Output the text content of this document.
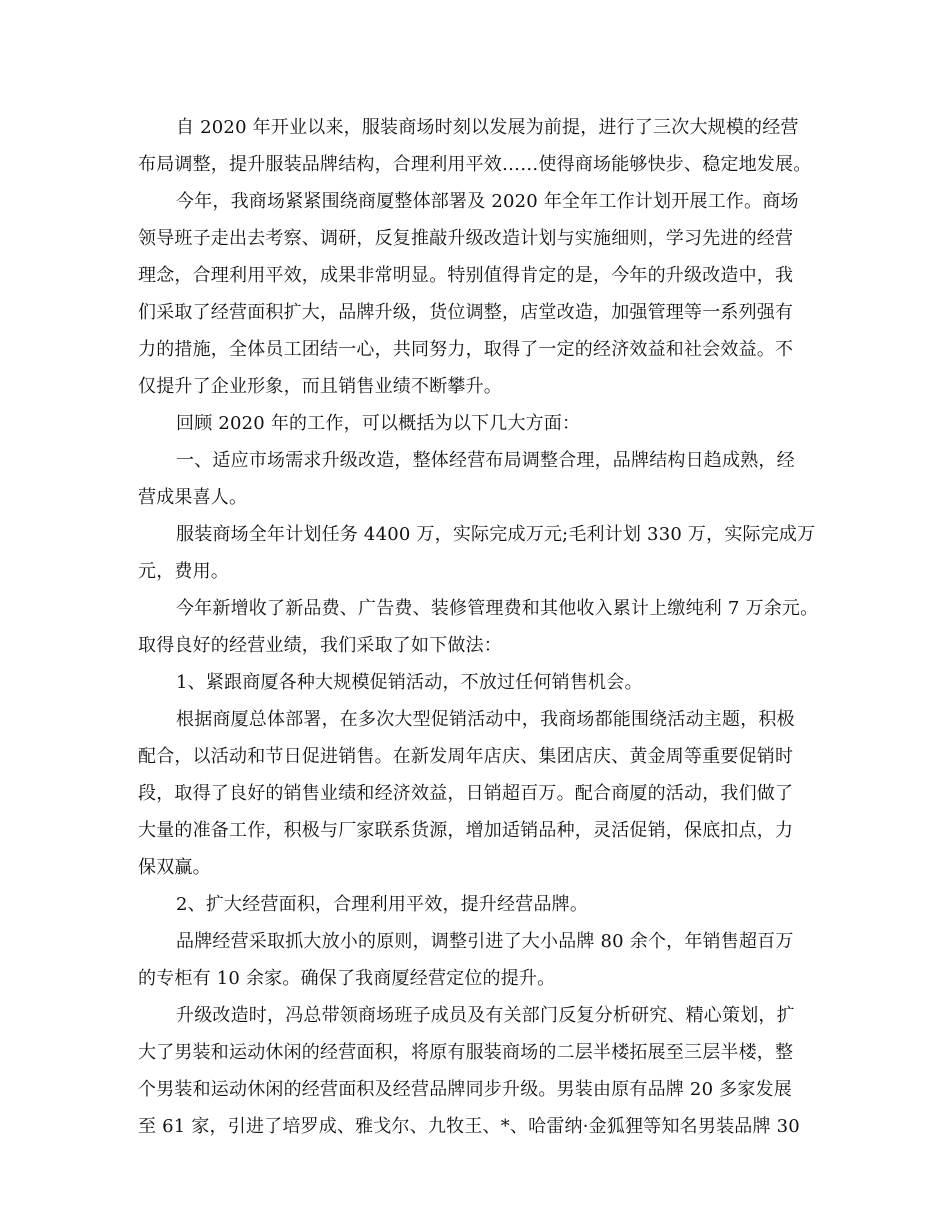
自 2020 年开业以来，服装商场时刻以发展为前提，进行了三次大规模的经营
布局调整，提升服装品牌结构，合理利用平效……使得商场能够快步、稳定地发展。
今年，我商场紧紧围绕商厦整体部署及 2020 年全年工作计划开展工作。商场
领导班子走出去考察、调研，反复推敲升级改造计划与实施细则，学习先进的经营
理念，合理利用平效，成果非常明显。特别值得肯定的是，今年的升级改造中，我
们采取了经营面积扩大，品牌升级，货位调整，店堂改造，加强管理等一系列强有
力的措施，全体员工团结一心，共同努力，取得了一定的经济效益和社会效益。不
仅提升了企业形象，而且销售业绩不断攀升。
回顾 2020 年的工作，可以概括为以下几大方面：
一、适应市场需求升级改造，整体经营布局调整合理，品牌结构日趋成熟，经
营成果喜人。
服装商场全年计划任务 4400 万，实际完成万元;毛利计划 330 万，实际完成万
元，费用。
今年新增收了新品费、广告费、装修管理费和其他收入累计上缴纯利 7 万余元。
取得良好的经营业绩，我们采取了如下做法：
1、紧跟商厦各种大规模促销活动，不放过任何销售机会。
根据商厦总体部署，在多次大型促销活动中，我商场都能围绕活动主题，积极
配合，以活动和节日促进销售。在新发周年店庆、集团店庆、黄金周等重要促销时
段，取得了良好的销售业绩和经济效益，日销超百万。配合商厦的活动，我们做了
大量的准备工作，积极与厂家联系货源，增加适销品种，灵活促销，保底扣点，力
保双赢。
2、扩大经营面积，合理利用平效，提升经营品牌。
品牌经营采取抓大放小的原则，调整引进了大小品牌 80 余个，年销售超百万
的专柜有 10 余家。确保了我商厦经营定位的提升。
升级改造时，冯总带领商场班子成员及有关部门反复分析研究、精心策划，扩
大了男装和运动休闲的经营面积，将原有服装商场的二层半楼拓展至三层半楼，整
个男装和运动休闲的经营面积及经营品牌同步升级。男装由原有品牌 20 多家发展
至 61 家，引进了培罗成、雅戈尔、九牧王、*、哈雷纳·金狐狸等知名男装品牌 30
